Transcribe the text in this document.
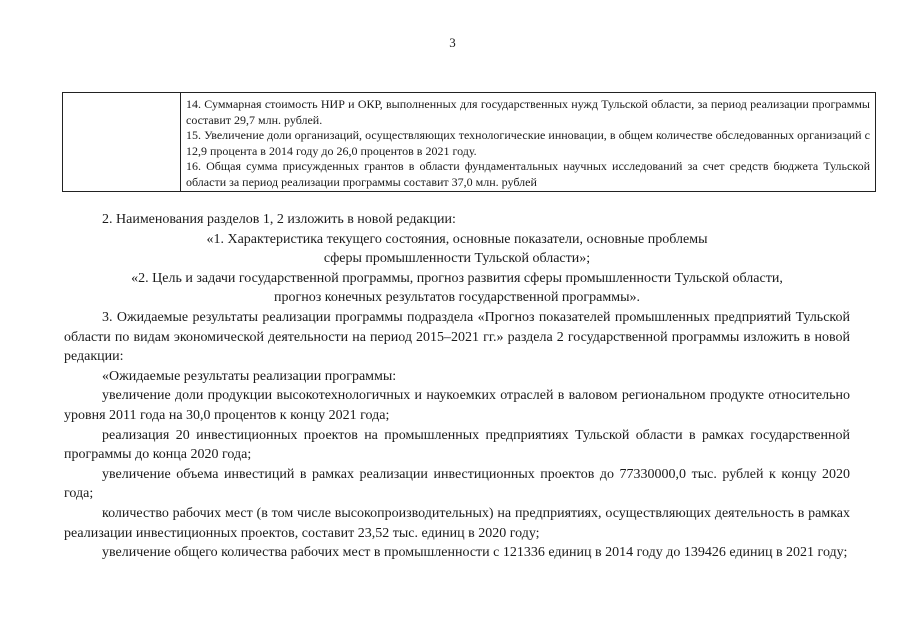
3

14. Суммарная стоимость НИР и ОКР, выполненных для государственных нужд Тульской области, за период реализации программы составит 29,7 млн. рублей.

15. Увеличение доли организаций, осуществляющих технологические инновации, в общем количестве обследованных организаций с 12,9 процента в 2014 году до 26,0 процентов в 2021 году.

16. Общая сумма присужденных грантов в области фундаментальных научных исследований за счет средств бюджета Тульской области за период реализации программы составит 37,0 млн. рублей

2. Наименования разделов 1, 2 изложить в новой редакции:

«1. Характеристика текущего состояния, основные показатели, основные проблемы

сферы промышленности Тульской области»;

«2. Цель и задачи государственной программы, прогноз развития сферы промышленности Тульской области,

прогноз конечных результатов государственной программы».

3. Ожидаемые результаты реализации программы подраздела «Прогноз показателей промышленных предприятий Тульской области по видам экономической деятельности на период 2015–2021 гг.» раздела 2 государственной программы изложить в новой редакции:

«Ожидаемые результаты реализации программы:

увеличение доли продукции высокотехнологичных и наукоемких отраслей в валовом региональном продукте относительно уровня 2011 года на 30,0 процентов к концу 2021 года;

реализация 20 инвестиционных проектов на промышленных предприятиях Тульской области в рамках государственной программы до конца 2020 года;

увеличение объема инвестиций в рамках реализации инвестиционных проектов до 77330000,0 тыс. рублей к концу 2020 года;

количество рабочих мест (в том числе высокопроизводительных) на предприятиях, осуществляющих деятельность в рамках реализации инвестиционных проектов, составит 23,52 тыс. единиц в 2020 году;

увеличение общего количества рабочих мест в промышленности с 121336 единиц в 2014 году до 139426 единиц в 2021 году;
